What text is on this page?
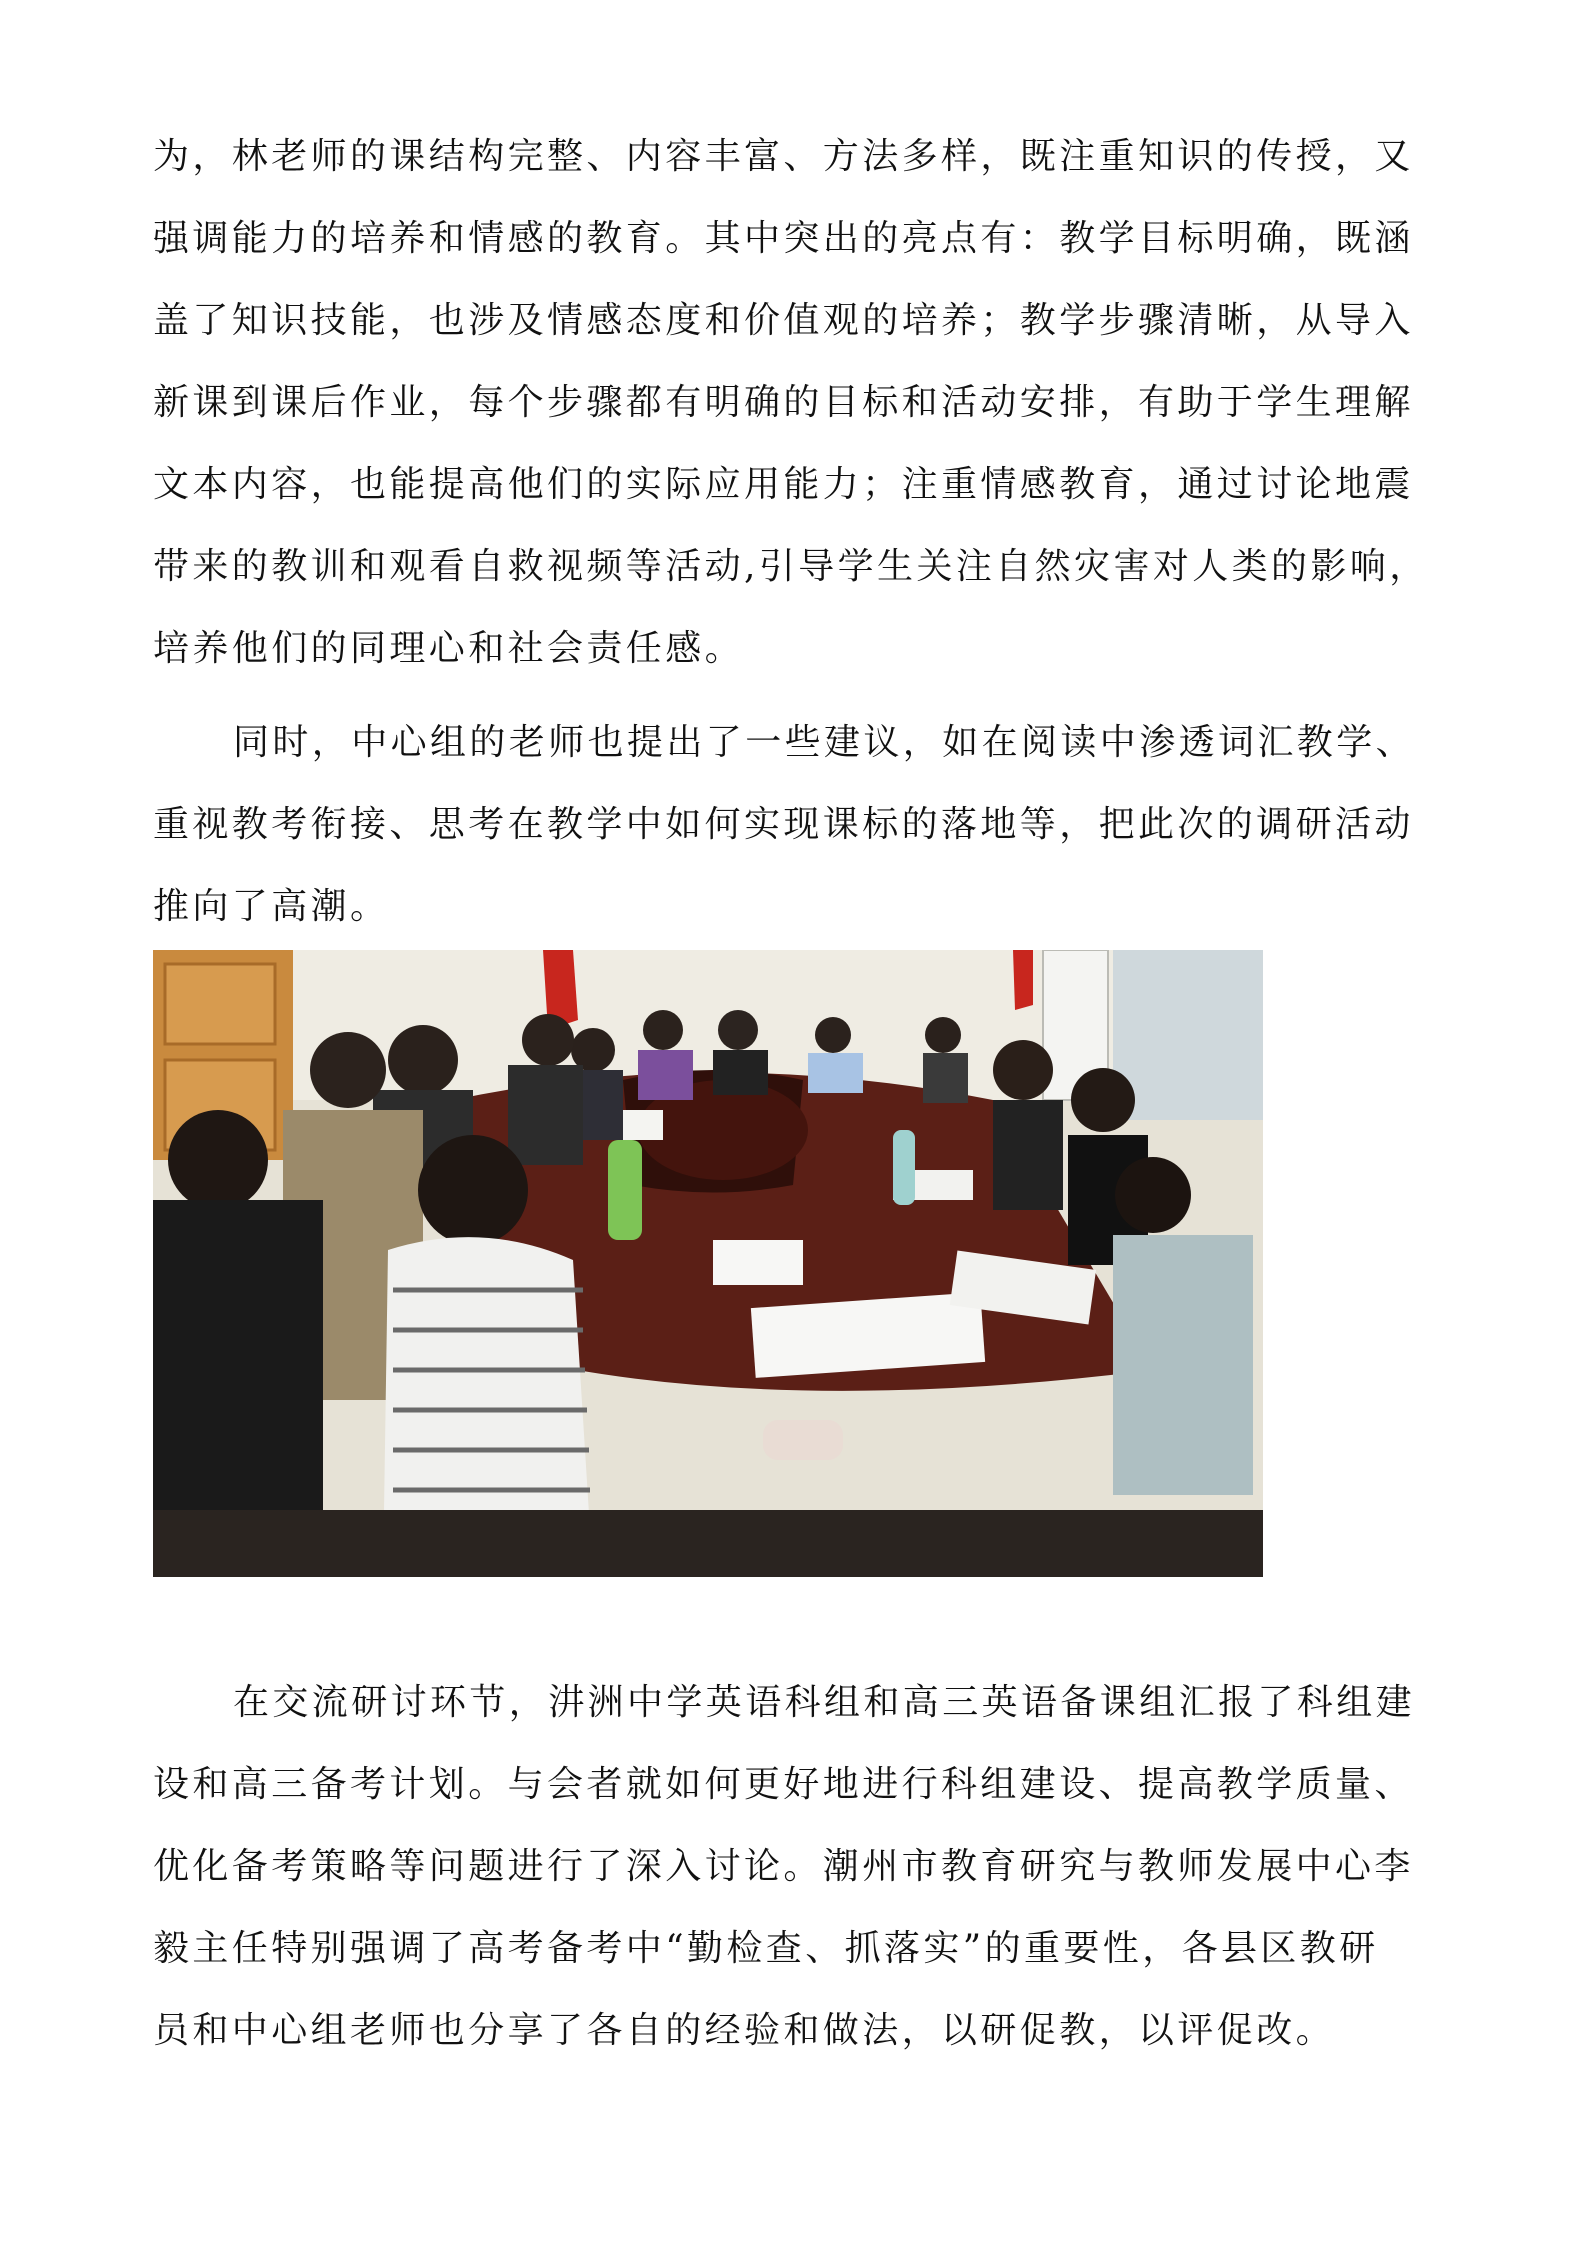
为，林老师的课结构完整、内容丰富、方法多样，既注重知识的传授，又
强调能力的培养和情感的教育。其中突出的亮点有：教学目标明确，既涵
盖了知识技能，也涉及情感态度和价值观的培养；教学步骤清晰，从导入
新课到课后作业，每个步骤都有明确的目标和活动安排，有助于学生理解
文本内容，也能提高他们的实际应用能力；注重情感教育，通过讨论地震
带来的教训和观看自救视频等活动,引导学生关注自然灾害对人类的影响，
培养他们的同理心和社会责任感。

同时，中心组的老师也提出了一些建议，如在阅读中渗透词汇教学、
重视教考衔接、思考在教学中如何实现课标的落地等，把此次的调研活动
推向了高潮。

在交流研讨环节，汫洲中学英语科组和高三英语备课组汇报了科组建
设和高三备考计划。与会者就如何更好地进行科组建设、提高教学质量、
优化备考策略等问题进行了深入讨论。潮州市教育研究与教师发展中心李
毅主任特别强调了高考备考中“勤检查、抓落实”的重要性，各县区教研
员和中心组老师也分享了各自的经验和做法，以研促教，以评促改。
